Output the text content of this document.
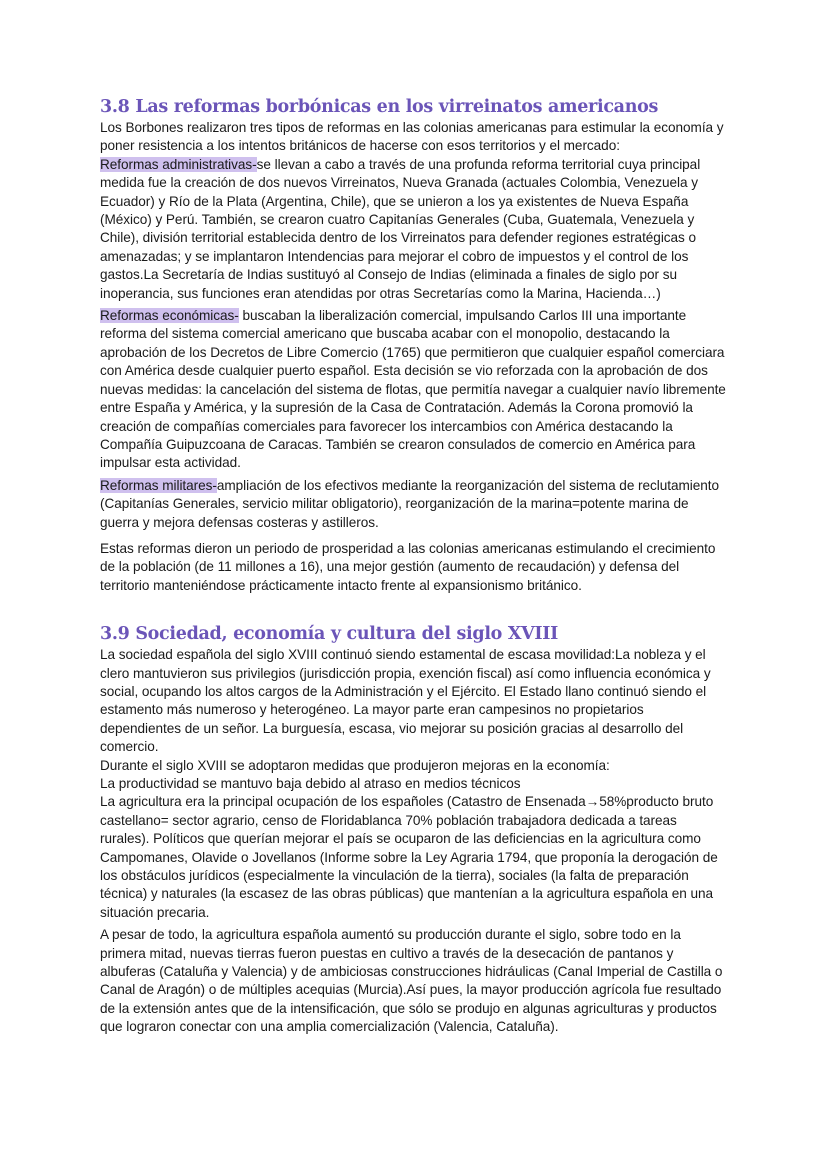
3.8 Las reformas borbónicas en los virreinatos americanos

Los Borbones realizaron tres tipos de reformas en las colonias americanas para estimular la economía y poner resistencia a los intentos británicos de hacerse con esos territorios y el mercado:

Reformas administrativas-se llevan a cabo a través de una profunda reforma territorial cuya principal medida fue la creación de dos nuevos Virreinatos, Nueva Granada (actuales Colombia, Venezuela y Ecuador) y Río de la Plata (Argentina, Chile), que se unieron a los ya existentes de Nueva España (México) y Perú. También, se crearon cuatro Capitanías Generales (Cuba, Guatemala, Venezuela y Chile), división territorial establecida dentro de los Virreinatos para defender regiones estratégicas o amenazadas; y se implantaron Intendencias para mejorar el cobro de impuestos y el control de los gastos.La Secretaría de Indias sustituyó al Consejo de Indias (eliminada a finales de siglo por su inoperancia, sus funciones eran atendidas por otras Secretarías como la Marina, Hacienda…)

Reformas económicas- buscaban la liberalización comercial, impulsando Carlos III una importante reforma del sistema comercial americano que buscaba acabar con el monopolio, destacando la aprobación de los Decretos de Libre Comercio (1765) que permitieron que cualquier español comerciara con América desde cualquier puerto español. Esta decisión se vio reforzada con la aprobación de dos nuevas medidas: la cancelación del sistema de flotas, que permitía navegar a cualquier navío libremente entre España y América, y la supresión de la Casa de Contratación. Además la Corona promovió la creación de compañías comerciales para favorecer los intercambios con América destacando la Compañía Guipuzcoana de Caracas. También se crearon consulados de comercio en América para impulsar esta actividad.

Reformas militares-ampliación de los efectivos mediante la reorganización del sistema de reclutamiento (Capitanías Generales, servicio militar obligatorio), reorganización de la marina=potente marina de guerra y mejora defensas costeras y astilleros.

Estas reformas dieron un periodo de prosperidad a las colonias americanas estimulando el crecimiento de la población (de 11 millones a 16), una mejor gestión (aumento de recaudación) y defensa del territorio manteniéndose prácticamente intacto frente al expansionismo británico.

3.9 Sociedad, economía y cultura del siglo XVIII

La sociedad española del siglo XVIII continuó siendo estamental de escasa movilidad:La nobleza y el clero mantuvieron sus privilegios (jurisdicción propia, exención fiscal) así como influencia económica y social, ocupando los altos cargos de la Administración y el Ejército. El Estado llano continuó siendo el estamento más numeroso y heterogéneo. La mayor parte eran campesinos no propietarios dependientes de un señor. La burguesía, escasa, vio mejorar su posición gracias al desarrollo del comercio.

Durante el siglo XVIII se adoptaron medidas que produjeron mejoras en la economía:

La productividad se mantuvo baja debido al atraso en medios técnicos

La agricultura era la principal ocupación de los españoles (Catastro de Ensenada→58%producto bruto castellano= sector agrario, censo de Floridablanca 70% población trabajadora dedicada a tareas rurales). Políticos que querían mejorar el país se ocuparon de las deficiencias en la agricultura como Campomanes, Olavide o Jovellanos (Informe sobre la Ley Agraria 1794, que proponía la derogación de los obstáculos jurídicos (especialmente la vinculación de la tierra), sociales (la falta de preparación técnica) y naturales (la escasez de las obras públicas) que mantenían a la agricultura española en una situación precaria.

A pesar de todo, la agricultura española aumentó su producción durante el siglo, sobre todo en la primera mitad, nuevas tierras fueron puestas en cultivo a través de la desecación de pantanos y albuferas (Cataluña y Valencia) y de ambiciosas construcciones hidráulicas (Canal Imperial de Castilla o Canal de Aragón) o de múltiples acequias (Murcia).Así pues, la mayor producción agrícola fue resultado de la extensión antes que de la intensificación, que sólo se produjo en algunas agriculturas y productos que lograron conectar con una amplia comercialización (Valencia, Cataluña).
